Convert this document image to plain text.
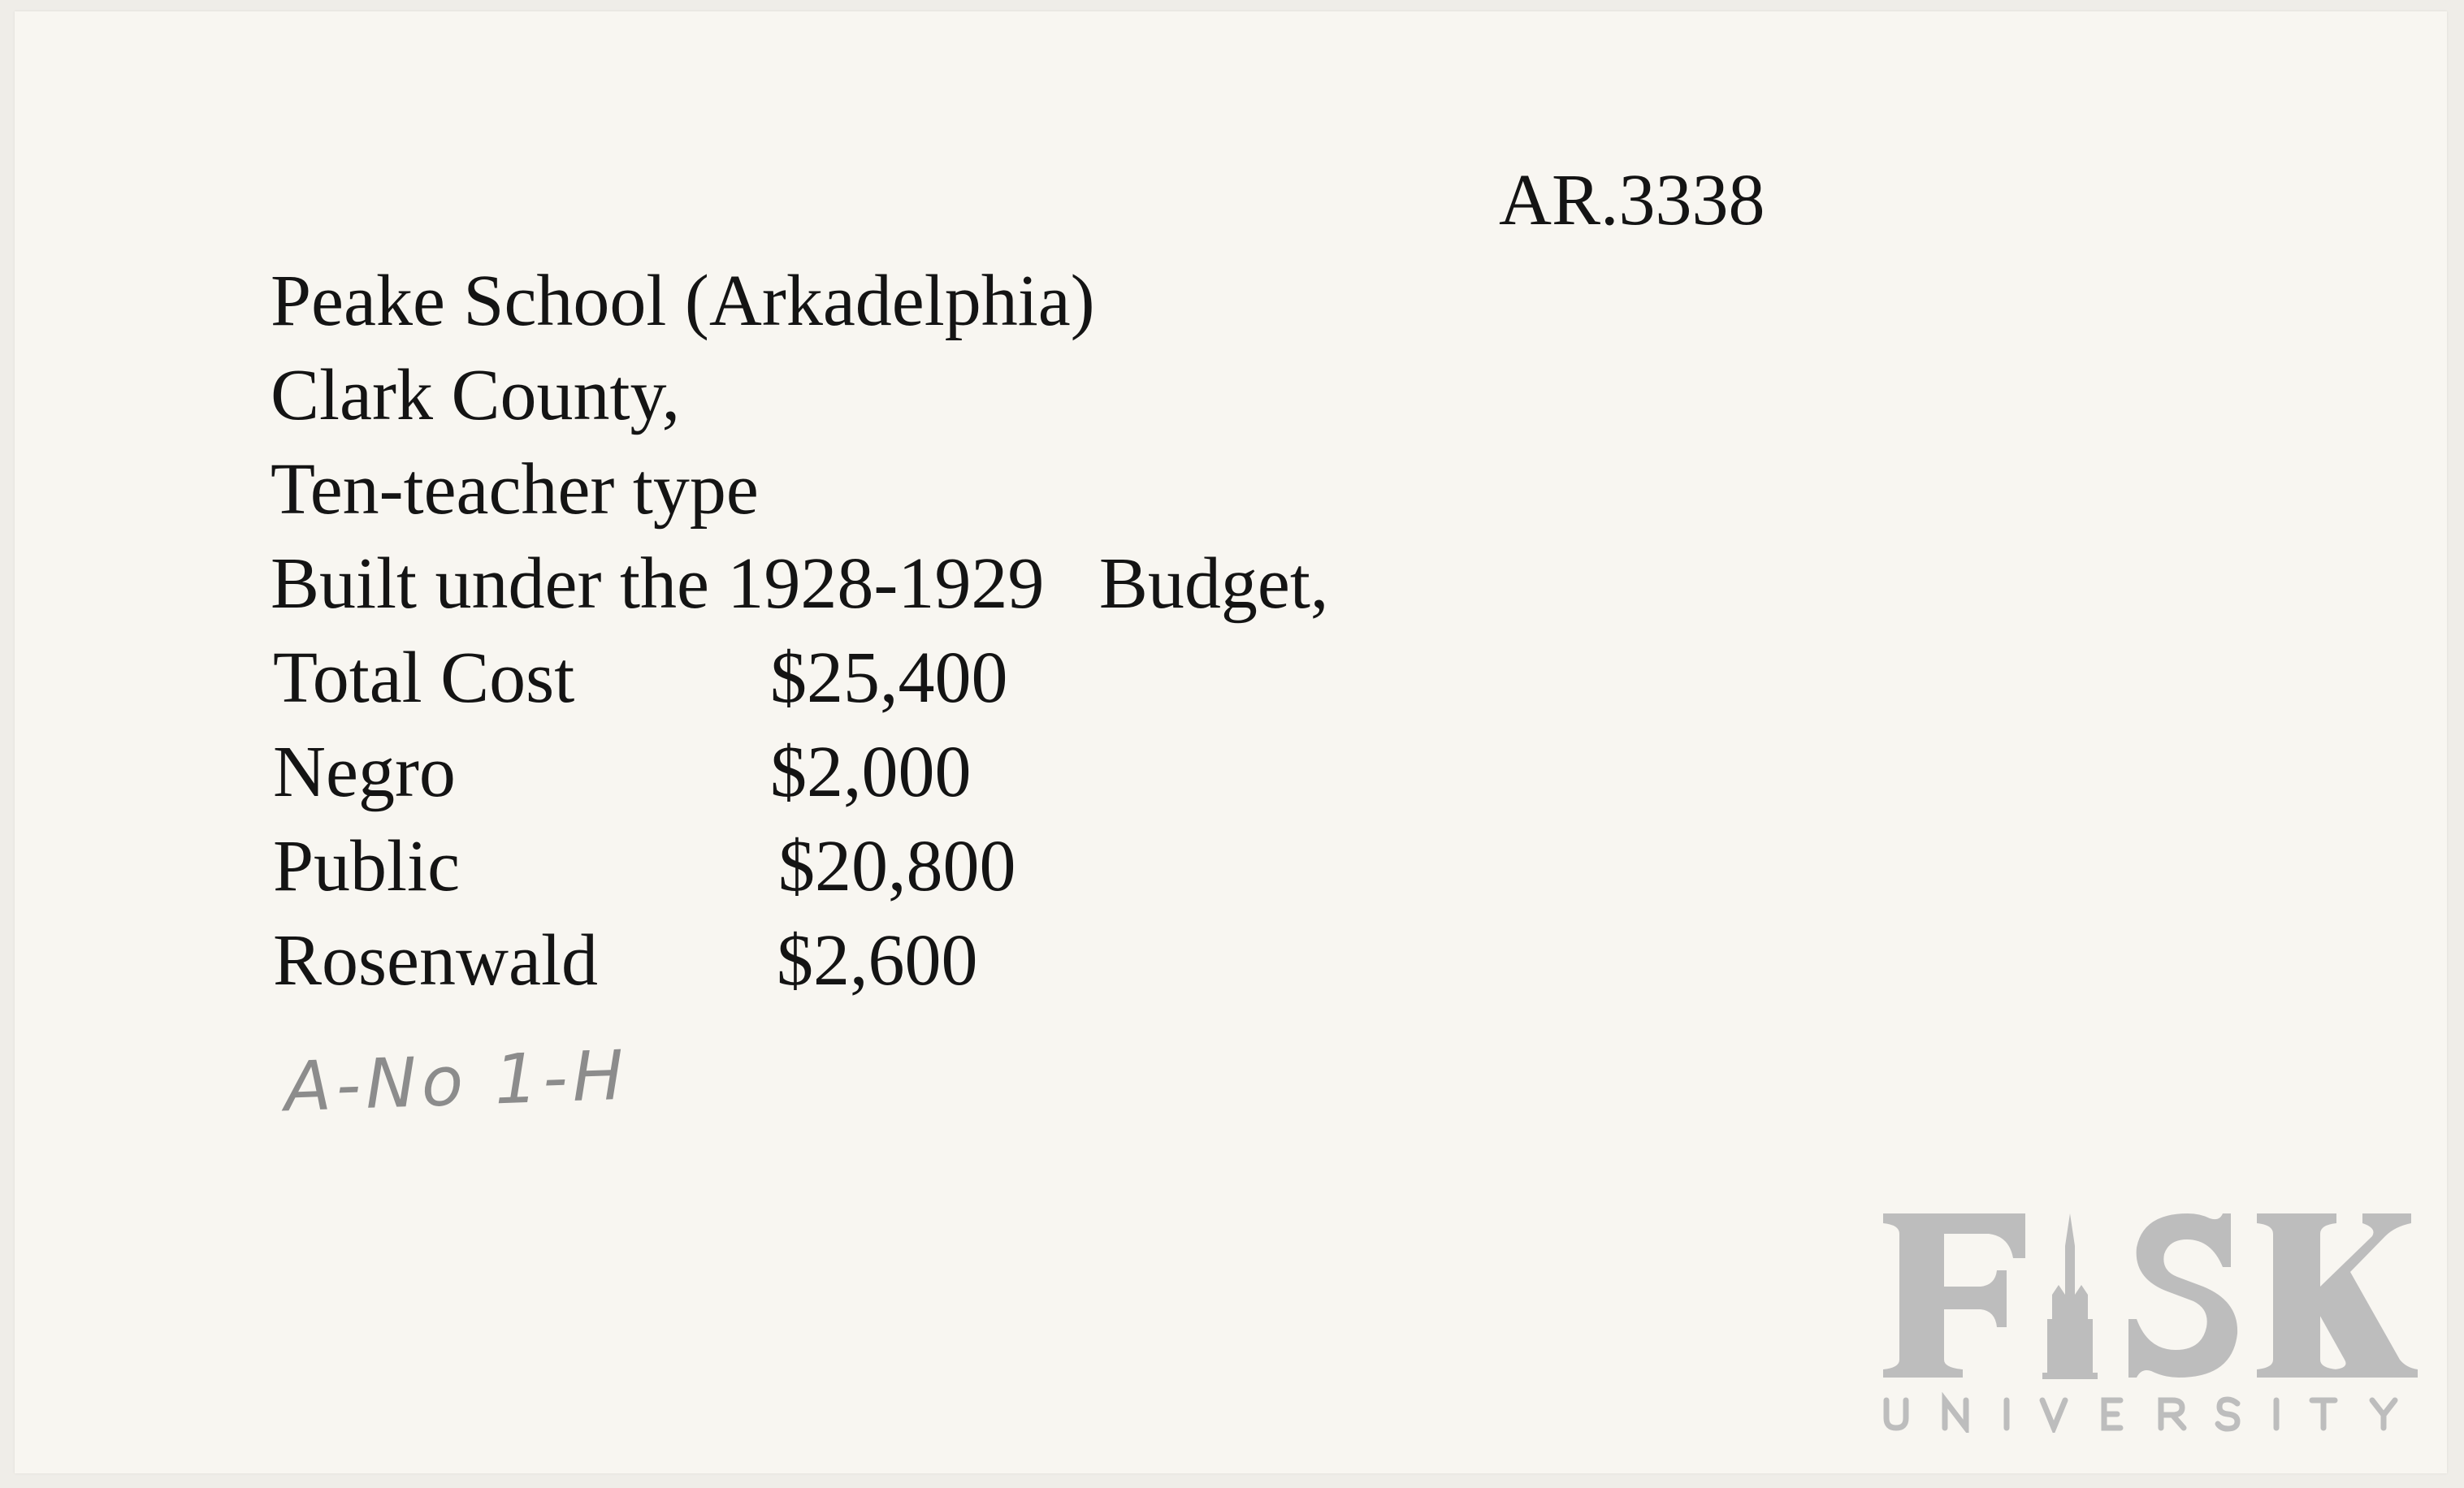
AR.3338
Peake School (Arkadelphia)
Clark County,
Ten-teacher type
Built under the 1928-1929   Budget,
Total Cost	$25,400
Negro	$2,000
Public	$20,800
Rosenwald $2,600
A-No 1-H
